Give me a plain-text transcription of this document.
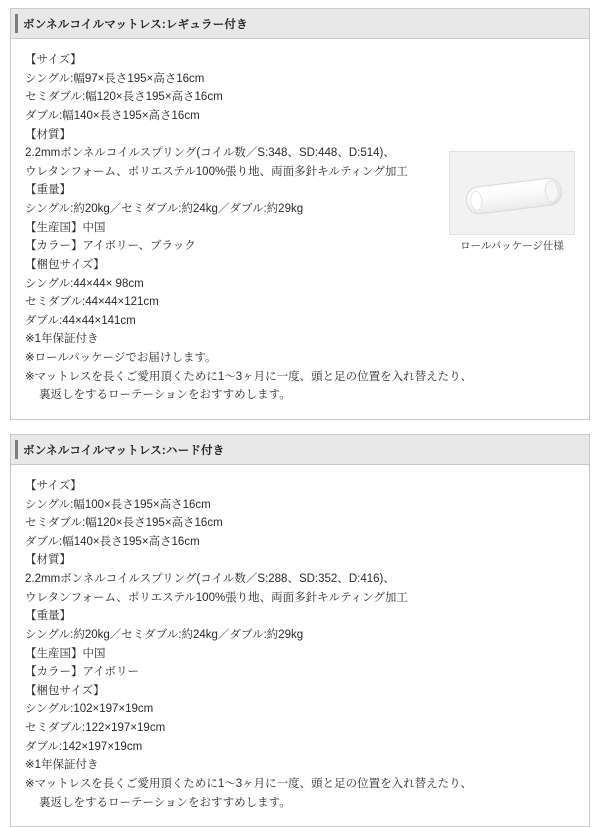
ボンネルコイルマットレス:レギュラー付き
【サイズ】
シングル:幅97×長さ195×高さ16cm
セミダブル:幅120×長さ195×高さ16cm
ダブル:幅140×長さ195×高さ16cm
【材質】
2.2mmボンネルコイルスプリング(コイル数／S:348、SD:448、D:514)、
ウレタンフォーム、ポリエステル100%張り地、両面多針キルティング加工
【重量】
シングル:約20kg／セミダブル:約24kg／ダブル:約29kg
【生産国】中国
【カラー】アイボリー、ブラック
【梱包サイズ】
シングル:44×44× 98cm
セミダブル:44×44×121cm
ダブル:44×44×141cm
※1年保証付き
※ロールパッケージでお届けします。
※マットレスを長くご愛用頂くために1～3ヶ月に一度、頭と足の位置を入れ替えたり、
裏返しをするローテーションをおすすめします。
ロールパッケージ仕様
ボンネルコイルマットレス:ハード付き
【サイズ】
シングル:幅100×長さ195×高さ16cm
セミダブル:幅120×長さ195×高さ16cm
ダブル:幅140×長さ195×高さ16cm
【材質】
2.2mmボンネルコイルスプリング(コイル数／S:288、SD:352、D:416)、
ウレタンフォーム、ポリエステル100%張り地、両面多針キルティング加工
【重量】
シングル:約20kg／セミダブル:約24kg／ダブル:約29kg
【生産国】中国
【カラー】アイボリー
【梱包サイズ】
シングル:102×197×19cm
セミダブル:122×197×19cm
ダブル:142×197×19cm
※1年保証付き
※マットレスを長くご愛用頂くために1～3ヶ月に一度、頭と足の位置を入れ替えたり、
裏返しをするローテーションをおすすめします。
